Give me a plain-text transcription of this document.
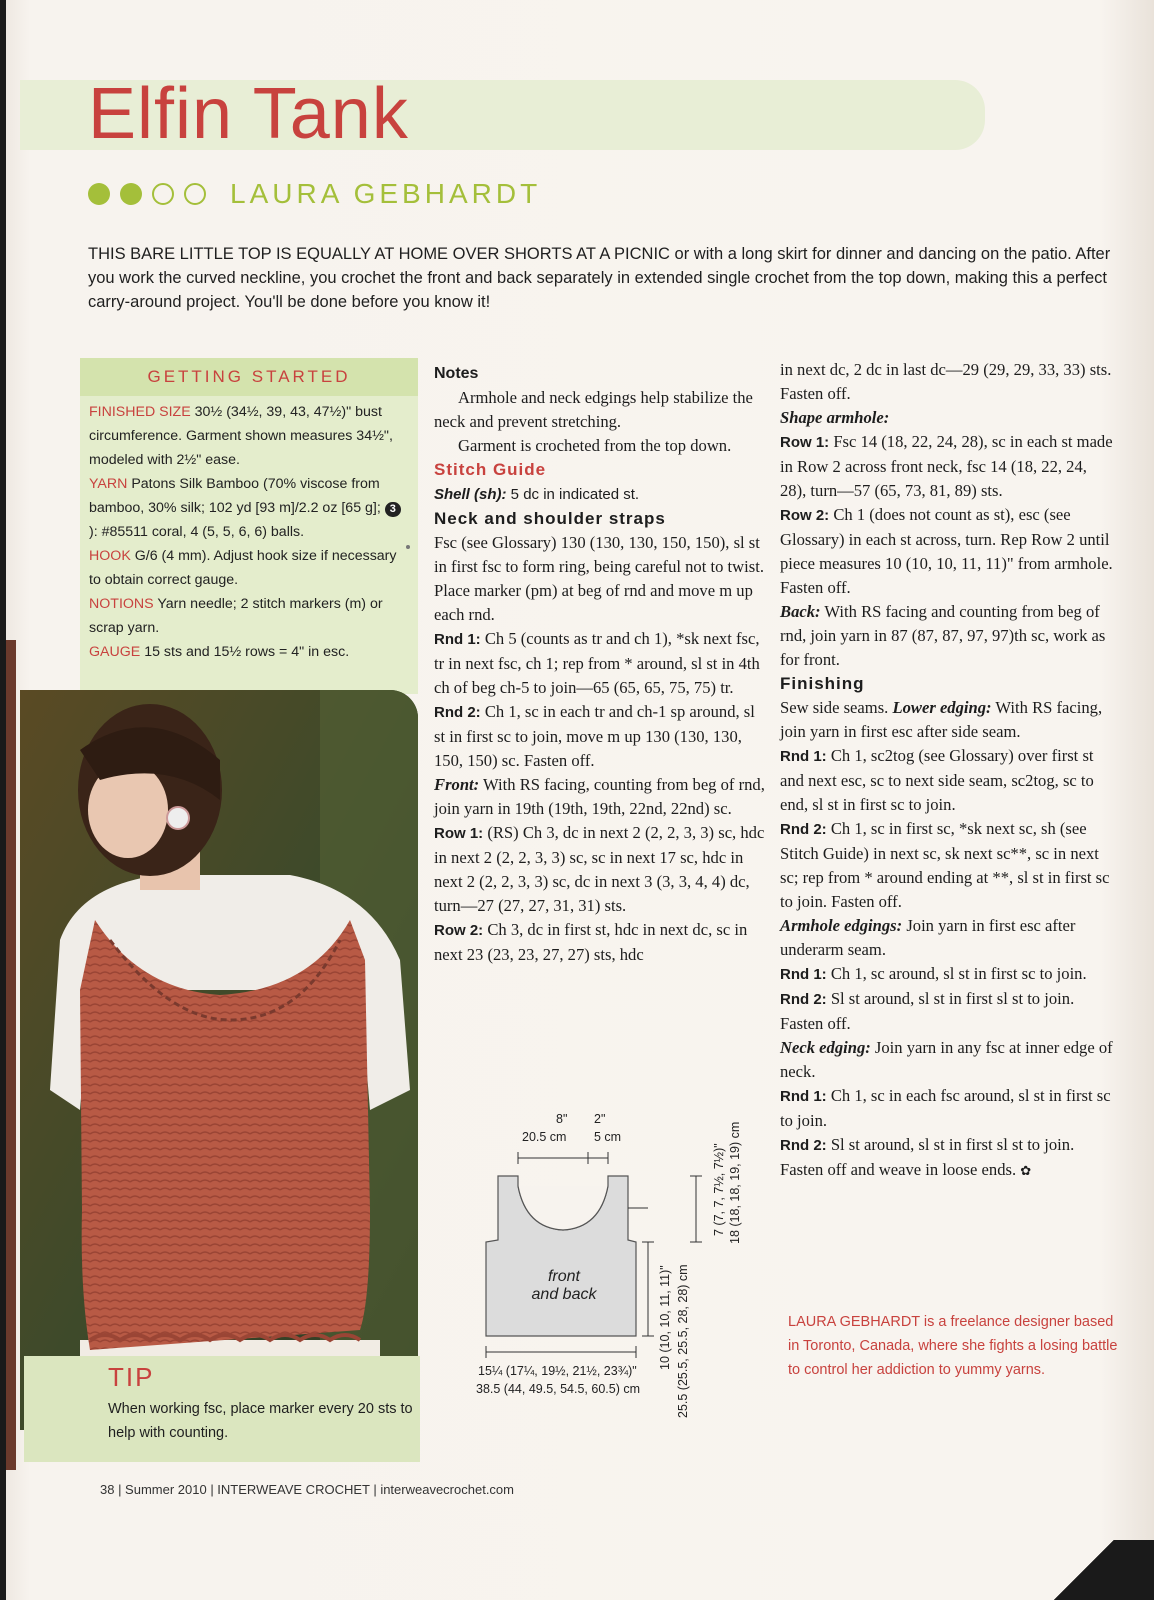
Elfin Tank
LAURA GEBHARDT

THIS BARE LITTLE TOP IS EQUALLY AT HOME OVER SHORTS AT A PICNIC or with a long skirt for dinner and dancing on the patio. After you work the curved neckline, you crochet the front and back separately in extended single crochet from the top down, making this a perfect carry-around project. You'll be done before you know it!

GETTING STARTED

FINISHED SIZE 30½ (34½, 39, 43, 47½)" bust circumference. Garment shown measures 34½", modeled with 2½" ease.

YARN Patons Silk Bamboo (70% viscose from bamboo, 30% silk; 102 yd [93 m]/2.2 oz [65 g]; 3): #85511 coral, 4 (5, 5, 6, 6) balls.

HOOK G/6 (4 mm). Adjust hook size if necessary to obtain correct gauge.

NOTIONS Yarn needle; 2 stitch markers (m) or scrap yarn.

GAUGE 15 sts and 15½ rows = 4" in esc.

TIP
When working fsc, place marker every 20 sts to help with counting.

Notes

Armhole and neck edgings help stabilize the neck and prevent stretching.

Garment is crocheted from the top down.

Stitch Guide

Shell (sh): 5 dc in indicated st.

Neck and shoulder straps

Fsc (see Glossary) 130 (130, 130, 150, 150), sl st in first fsc to form ring, being careful not to twist. Place marker (pm) at beg of rnd and move m up each rnd.

Rnd 1: Ch 5 (counts as tr and ch 1), *sk next fsc, tr in next fsc, ch 1; rep from * around, sl st in 4th ch of beg ch-5 to join—65 (65, 65, 75, 75) tr.

Rnd 2: Ch 1, sc in each tr and ch-1 sp around, sl st in first sc to join, move m up 130 (130, 130, 150, 150) sc. Fasten off.

Front: With RS facing, counting from beg of rnd, join yarn in 19th (19th, 19th, 22nd, 22nd) sc.

Row 1: (RS) Ch 3, dc in next 2 (2, 2, 3, 3) sc, hdc in next 2 (2, 2, 3, 3) sc, sc in next 17 sc, hdc in next 2 (2, 2, 3, 3) sc, dc in next 3 (3, 3, 4, 4) dc, turn—27 (27, 27, 31, 31) sts.

Row 2: Ch 3, dc in first st, hdc in next dc, sc in next 23 (23, 23, 27, 27) sts, hdc

8"
20.5 cm
2"
5 cm
front
and back
15¼ (17¼, 19½, 21½, 23¾)"
38.5 (44, 49.5, 54.5, 60.5) cm
10 (10, 10, 11, 11)" 25.5 (25.5, 25.5, 28, 28) cm
7 (7, 7, 7½, 7½)" 18 (18, 18, 19, 19) cm

in next dc, 2 dc in last dc—29 (29, 29, 33, 33) sts. Fasten off.

Shape armhole:

Row 1: Fsc 14 (18, 22, 24, 28), sc in each st made in Row 2 across front neck, fsc 14 (18, 22, 24, 28), turn—57 (65, 73, 81, 89) sts.

Row 2: Ch 1 (does not count as st), esc (see Glossary) in each st across, turn. Rep Row 2 until piece measures 10 (10, 10, 11, 11)" from armhole. Fasten off.

Back: With RS facing and counting from beg of rnd, join yarn in 87 (87, 87, 97, 97)th sc, work as for front.

Finishing

Sew side seams. Lower edging: With RS facing, join yarn in first esc after side seam.

Rnd 1: Ch 1, sc2tog (see Glossary) over first st and next esc, sc to next side seam, sc2tog, sc to end, sl st in first sc to join.

Rnd 2: Ch 1, sc in first sc, *sk next sc, sh (see Stitch Guide) in next sc, sk next sc**, sc in next sc; rep from * around ending at **, sl st in first sc to join. Fasten off.

Armhole edgings: Join yarn in first esc after underarm seam.

Rnd 1: Ch 1, sc around, sl st in first sc to join.

Rnd 2: Sl st around, sl st in first sl st to join. Fasten off.

Neck edging: Join yarn in any fsc at inner edge of neck.

Rnd 1: Ch 1, sc in each fsc around, sl st in first sc to join.

Rnd 2: Sl st around, sl st in first sl st to join. Fasten off and weave in loose ends. ✿

LAURA GEBHARDT is a freelance designer based in Toronto, Canada, where she fights a losing battle to control her addiction to yummy yarns.

38 | Summer 2010 | INTERWEAVE CROCHET | interweavecrochet.com
